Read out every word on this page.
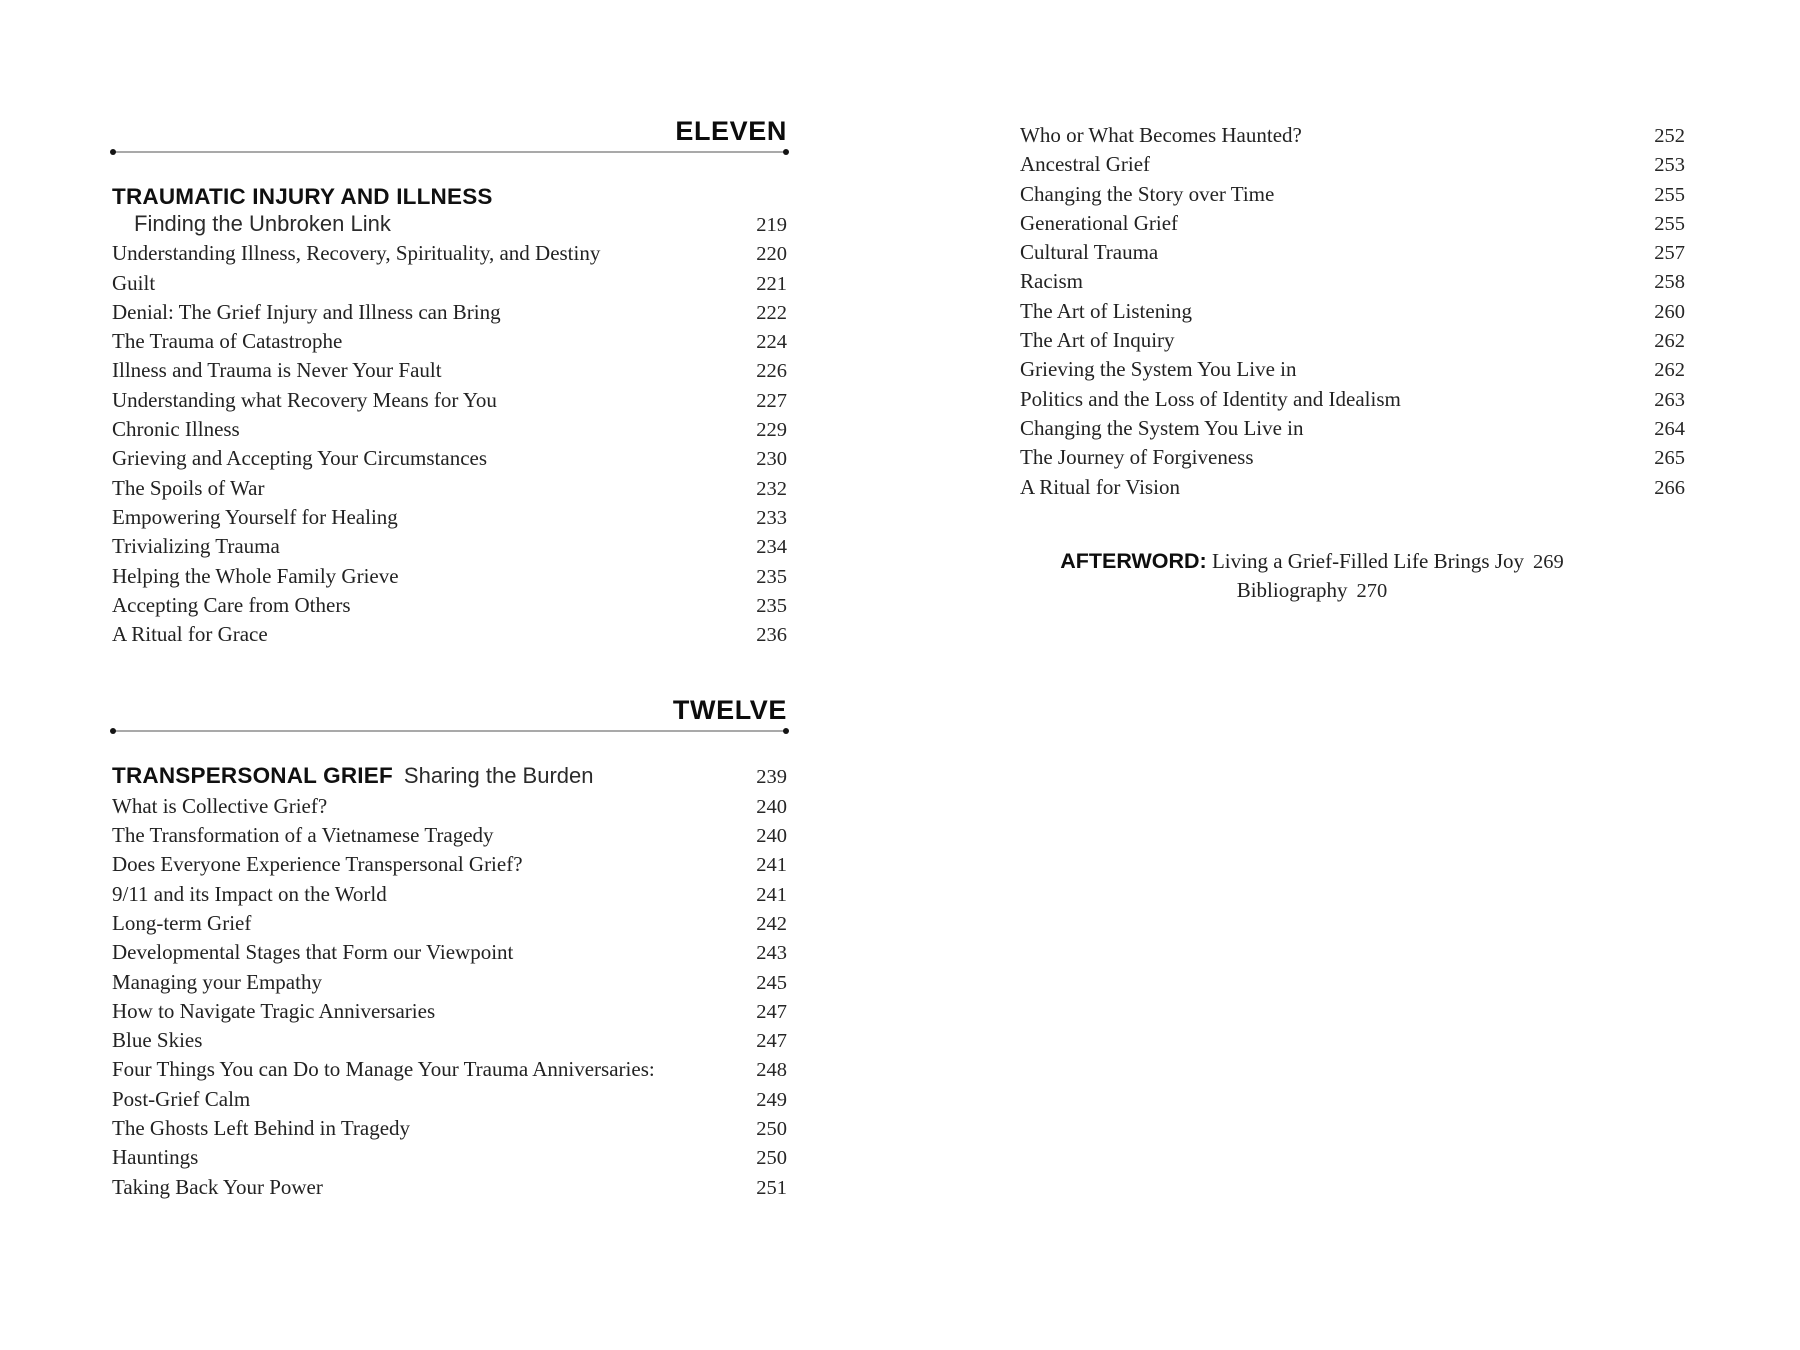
ELEVEN
TRAUMATIC INJURY AND ILLNESS
Finding the Unbroken Link	219
Understanding Illness, Recovery, Spirituality, and Destiny	220
Guilt	221
Denial: The Grief Injury and Illness can Bring	222
The Trauma of Catastrophe	224
Illness and Trauma is Never Your Fault	226
Understanding what Recovery Means for You	227
Chronic Illness	229
Grieving and Accepting Your Circumstances	230
The Spoils of War	232
Empowering Yourself for Healing	233
Trivializing Trauma	234
Helping the Whole Family Grieve	235
Accepting Care from Others	235
A Ritual for Grace	236
TWELVE
TRANSPERSONAL GRIEF Sharing the Burden	239
What is Collective Grief?	240
The Transformation of a Vietnamese Tragedy	240
Does Everyone Experience Transpersonal Grief?	241
9/11 and its Impact on the World	241
Long-term Grief	242
Developmental Stages that Form our Viewpoint	243
Managing your Empathy	245
How to Navigate Tragic Anniversaries	247
Blue Skies	247
Four Things You can Do to Manage Your Trauma Anniversaries:	248
Post-Grief Calm	249
The Ghosts Left Behind in Tragedy	250
Hauntings	250
Taking Back Your Power	251
Who or What Becomes Haunted?	252
Ancestral Grief	253
Changing the Story over Time	255
Generational Grief	255
Cultural Trauma	257
Racism	258
The Art of Listening	260
The Art of Inquiry	262
Grieving the System You Live in	262
Politics and the Loss of Identity and Idealism	263
Changing the System You Live in	264
The Journey of Forgiveness	265
A Ritual for Vision	266
AFTERWORD: Living a Grief-Filled Life Brings Joy 269
Bibliography 270
